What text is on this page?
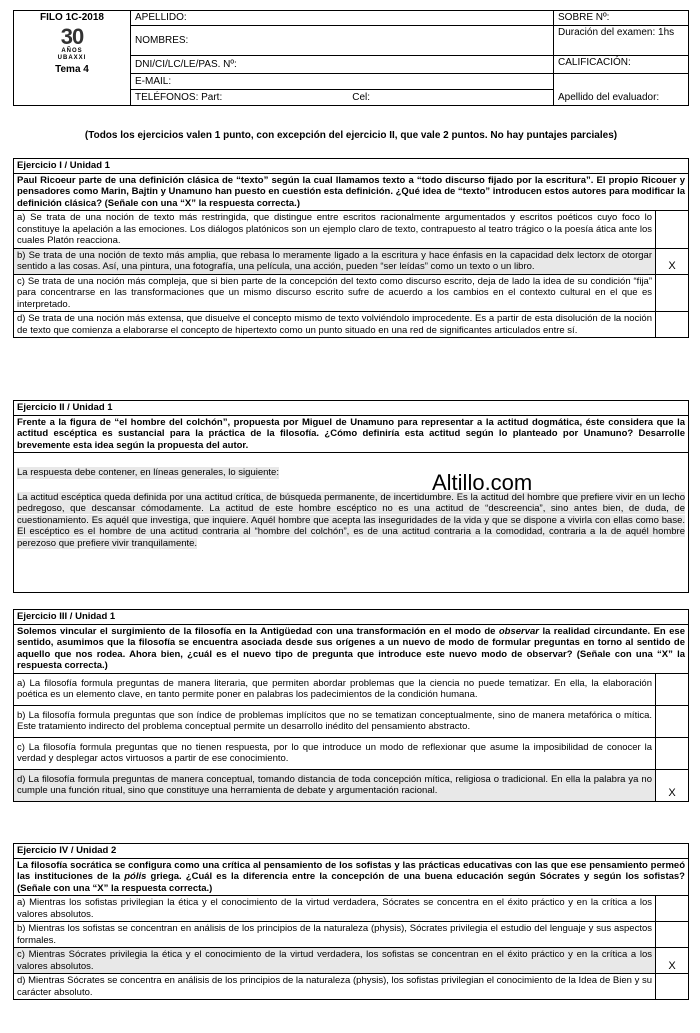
FILO 1C-2018
30
AÑOS
UBAXXI
Tema 4	APELLIDO:	SOBRE Nº:
	NOMBRES:	Duración del examen: 1hs
	DNI/CI/LC/LE/PAS. Nº:	CALIFICACIÓN:
	E-MAIL:	Apellido del evaluador:
	TELÉFONOS: Part: Cel:	
(Todos los ejercicios valen 1 punto, con excepción del ejercicio II, que vale 2 puntos. No hay puntajes parciales)
Ejercicio I / Unidad 1	
Paul Ricoeur parte de una definición clásica de “texto” según la cual llamamos texto a “todo discurso fijado por la escritura”. El propio Ricouer y pensadores como Marin, Bajtin y Unamuno han puesto en cuestión esta definición. ¿Qué idea de “texto” introducen estos autores para modificar la definición clásica? (Señale con una “X” la respuesta correcta.)	
a) Se trata de una noción de texto más restringida, que distingue entre escritos racionalmente argumentados y escritos poéticos cuyo foco lo constituye la apelación a las emociones. Los diálogos platónicos son un ejemplo claro de texto, contrapuesto al teatro trágico o la poesía ática ante los cuales Platón reacciona.	
b) Se trata de una noción de texto más amplia, que rebasa lo meramente ligado a la escritura y hace énfasis en la capacidad delx lectorx de otorgar sentido a las cosas. Así, una pintura, una fotografía, una película, una acción, pueden “ser leídas” como un texto o un libro.	X
c) Se trata de una noción más compleja, que si bien parte de la concepción del texto como discurso escrito, deja de lado la idea de su condición “fija” para concentrarse en las transformaciones que un mismo discurso escrito sufre de acuerdo a los cambios en el contexto cultural en el que es interpretado.	
d) Se trata de una noción más extensa, que disuelve el concepto mismo de texto volviéndolo improcedente. Es a partir de esta disolución de la noción de texto que comienza a elaborarse el concepto de hipertexto como un punto situado en una red de significantes articulados entre sí.	
Ejercicio II / Unidad 1
Frente a la figura de “el hombre del colchón”, propuesta por Miguel de Unamuno para representar a la actitud dogmática, éste considera que la actitud escéptica es sustancial para la práctica de la filosofía. ¿Cómo definiría esta actitud según lo planteado por Unamuno? Desarrolle brevemente esta idea según la propuesta del autor.
La respuesta debe contener, en líneas generales, lo siguiente:
La actitud escéptica queda definida por una actitud crítica, de búsqueda permanente, de incertidumbre. Es la actitud del hombre que prefiere vivir en un lecho pedregoso, que descansar cómodamente. La actitud de este hombre escéptico no es una actitud de “descreencia”, sino antes bien, de duda, de cuestionamiento. Es aquél que investiga, que inquiere. Aquél hombre que acepta las inseguridades de la vida y que se dispone a vivirla con ellas como base. El escéptico es el hombre de una actitud contraria al “hombre del colchón”, es de una actitud contraria a la comodidad, contraria a la de aquél hombre perezoso que prefiere vivir tranquilamente.
Altillo.com
Ejercicio III / Unidad 1	
Solemos vincular el surgimiento de la filosofía en la Antigüedad con una transformación en el modo de observar la realidad circundante. En ese sentido, asumimos que la filosofía se encuentra asociada desde sus orígenes a un nuevo de modo de formular preguntas en torno al sentido de aquello que nos rodea. Ahora bien, ¿cuál es el nuevo tipo de pregunta que introduce este nuevo modo de observar? (Señale con una “X” la respuesta correcta.)	
a) La filosofía formula preguntas de manera literaria, que permiten abordar problemas que la ciencia no puede tematizar. En ella, la elaboración poética es un elemento clave, en tanto permite poner en palabras los padecimientos de la condición humana.	
b) La filosofía formula preguntas que son índice de problemas implícitos que no se tematizan conceptualmente, sino de manera metafórica o mítica. Este tratamiento indirecto del problema conceptual permite un desarrollo inédito del pensamiento abstracto.	
c) La filosofía formula preguntas que no tienen respuesta, por lo que introduce un modo de reflexionar que asume la imposibilidad de conocer la verdad y desplegar actos virtuosos a partir de ese conocimiento.	
d) La filosofía formula preguntas de manera conceptual, tomando distancia de toda concepción mítica, religiosa o tradicional. En ella la palabra ya no cumple una función ritual, sino que constituye una herramienta de debate y argumentación racional.	X
Ejercicio IV / Unidad 2	
La filosofía socrática se configura como una crítica al pensamiento de los sofistas y las prácticas educativas con las que ese pensamiento permeó las instituciones de la pólis griega. ¿Cuál es la diferencia entre la concepción de una buena educación según Sócrates y según los sofistas? (Señale con una “X” la respuesta correcta.)	
a) Mientras los sofistas privilegian la ética y el conocimiento de la virtud verdadera, Sócrates se concentra en el éxito práctico y en la crítica a los valores absolutos.	
b) Mientras los sofistas se concentran en análisis de los principios de la naturaleza (physis), Sócrates privilegia el estudio del lenguaje y sus aspectos formales.	
c) Mientras Sócrates privilegia la ética y el conocimiento de la virtud verdadera, los sofistas se concentran en el éxito práctico y en la crítica a los valores absolutos.	X
d) Mientras Sócrates se concentra en análisis de los principios de la naturaleza (physis), los sofistas privilegian el conocimiento de la Idea de Bien y su carácter absoluto.	
